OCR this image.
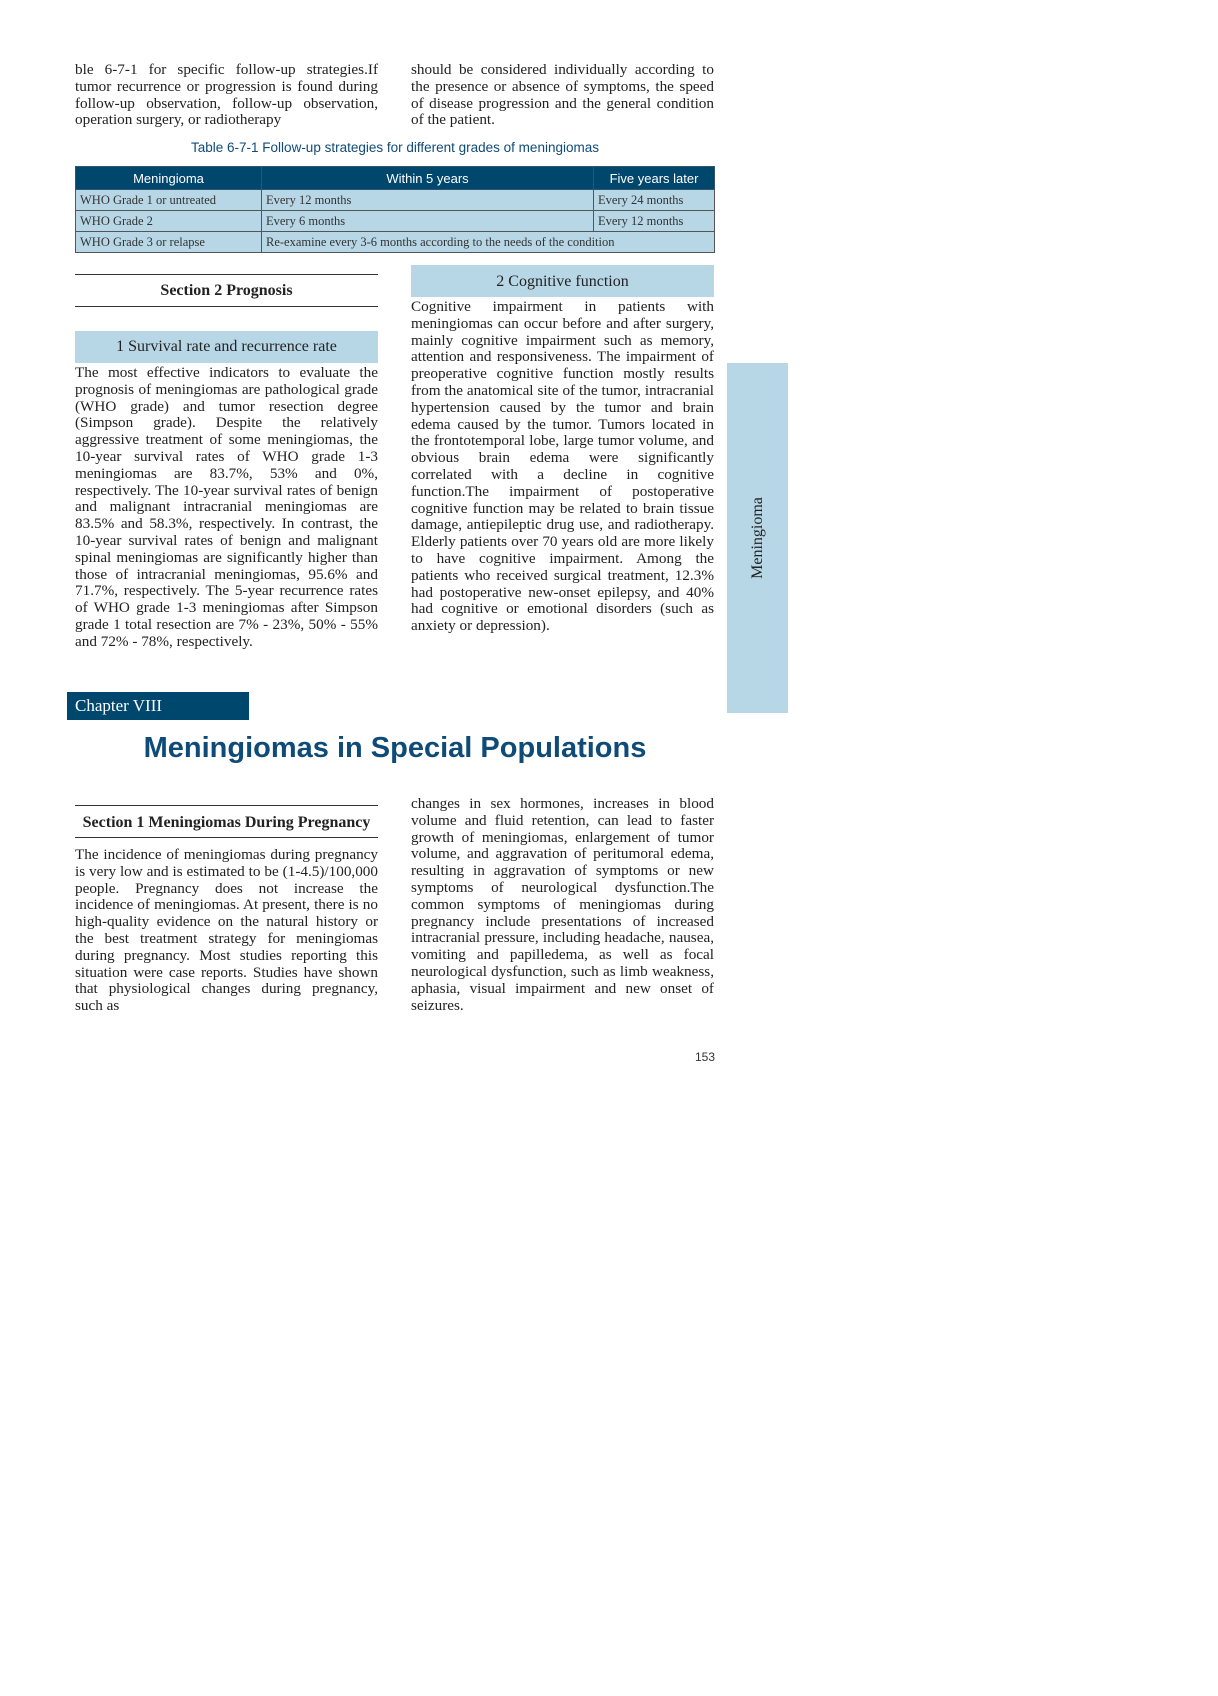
ble 6-7-1 for specific follow-up strategies.If tumor recurrence or progression is found during follow-up observation, follow-up observation, operation surgery, or radiotherapy
should be considered individually according to the presence or absence of symptoms, the speed of disease progression and the general condition of the patient.
Table 6-7-1 Follow-up strategies for different grades of meningiomas
Meningioma	Within 5 years	Five years later
WHO Grade 1 or untreated	Every 12 months	Every 24 months
WHO Grade 2	Every 6 months	Every 12 months
WHO Grade 3 or relapse	Re-examine every 3-6 months according to the needs of the condition	
Section 2 Prognosis
1 Survival rate and recurrence rate
The most effective indicators to evaluate the prognosis of meningiomas are pathological grade (WHO grade) and tumor resection degree (Simpson grade). Despite the relatively aggressive treatment of some meningiomas, the 10-year survival rates of WHO grade 1-3 meningiomas are 83.7%, 53% and 0%, respectively. The 10-year survival rates of benign and malignant intracranial meningiomas are 83.5% and 58.3%, respectively. In contrast, the 10-year survival rates of benign and malignant spinal meningiomas are significantly higher than those of intracranial meningiomas, 95.6% and 71.7%, respectively. The 5-year recurrence rates of WHO grade 1-3 meningiomas after Simpson grade 1 total resection are 7% - 23%, 50% - 55% and 72% - 78%, respectively.
2 Cognitive function
Cognitive impairment in patients with meningiomas can occur before and after surgery, mainly cognitive impairment such as memory, attention and responsiveness. The impairment of preoperative cognitive function mostly results from the anatomical site of the tumor, intracranial hypertension caused by the tumor and brain edema caused by the tumor. Tumors located in the frontotemporal lobe, large tumor volume, and obvious brain edema were significantly correlated with a decline in cognitive function.The impairment of postoperative cognitive function may be related to brain tissue damage, antiepileptic drug use, and radiotherapy. Elderly patients over 70 years old are more likely to have cognitive impairment. Among the patients who received surgical treatment, 12.3% had postoperative new-onset epilepsy, and 40% had cognitive or emotional disorders (such as anxiety or depression).
Meningioma
Chapter VIII
Meningiomas in Special Populations
Section 1 Meningiomas During Pregnancy
The incidence of meningiomas during pregnancy is very low and is estimated to be (1-4.5)/100,000 people. Pregnancy does not increase the incidence of meningiomas. At present, there is no high-quality evidence on the natural history or the best treatment strategy for meningiomas during pregnancy. Most studies reporting this situation were case reports. Studies have shown that physiological changes during pregnancy, such as
changes in sex hormones, increases in blood volume and fluid retention, can lead to faster growth of meningiomas, enlargement of tumor volume, and aggravation of peritumoral edema, resulting in aggravation of symptoms or new symptoms of neurological dysfunction.The common symptoms of meningiomas during pregnancy include presentations of increased intracranial pressure, including headache, nausea, vomiting and papilledema, as well as focal neurological dysfunction, such as limb weakness, aphasia, visual impairment and new onset of seizures.
153
